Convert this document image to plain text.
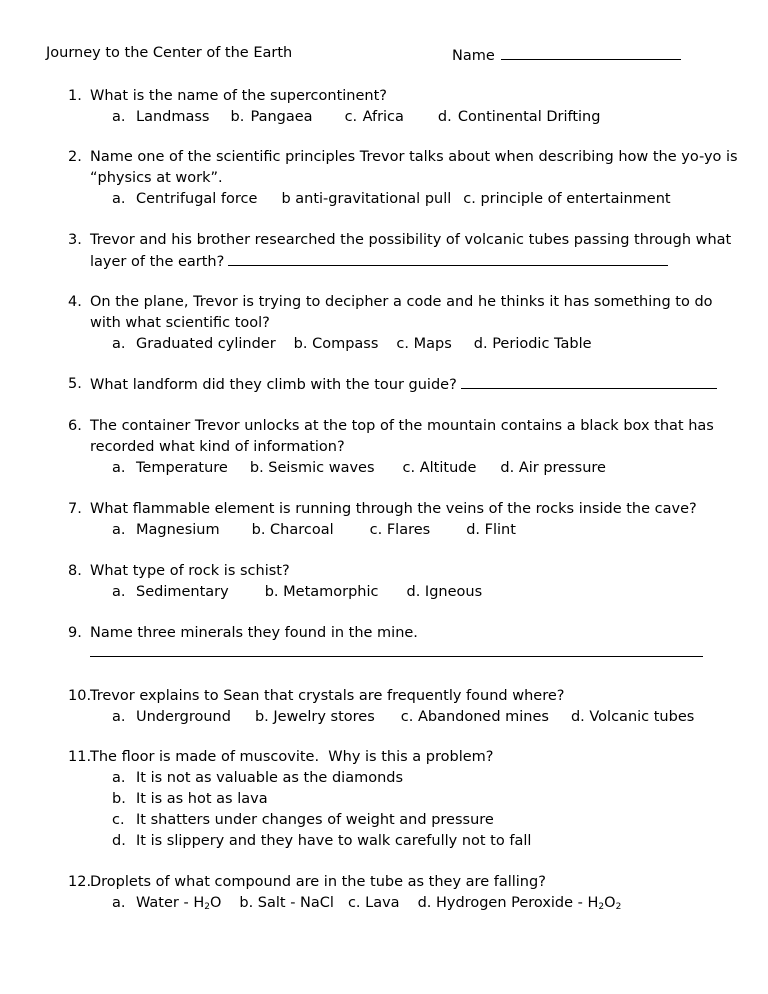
Journey to the Center of the Earth	Name
1. What is the name of the supercontinent?
a. Landmass b. Pangaea c. Africa d. Continental Drifting
2. Name one of the scientific principles Trevor talks about when describing how the yo-yo is
“physics at work”.
a. Centrifugal force b anti-gravitational pull c. principle of entertainment
3. Trevor and his brother researched the possibility of volcanic tubes passing through what
layer of the earth?
4. On the plane, Trevor is trying to decipher a code and he thinks it has something to do
with what scientific tool?
a. Graduated cylinder b. Compass c. Maps d. Periodic Table
5. What landform did they climb with the tour guide?
6. The container Trevor unlocks at the top of the mountain contains a black box that has
recorded what kind of information?
a. Temperature b. Seismic waves c. Altitude d. Air pressure
7. What flammable element is running through the veins of the rocks inside the cave?
a. Magnesium b. Charcoal c. Flares d. Flint
8. What type of rock is schist?
a. Sedimentary b. Metamorphic d. Igneous
9. Name three minerals they found in the mine.
10.
Trevor explains to Sean that crystals are frequently found where?
a. Underground b. Jewelry stores c. Abandoned mines d. Volcanic tubes
11.
The floor is made of muscovite.  Why is this a problem?
a. It is not as valuable as the diamonds
b. It is as hot as lava
c. It shatters under changes of weight and pressure
d. It is slippery and they have to walk carefully not to fall
12.
Droplets of what compound are in the tube as they are falling?
a. Water - $H_2O$ b. Salt - NaCl c. Lava d. Hydrogen Peroxide - $H_2O_2$
